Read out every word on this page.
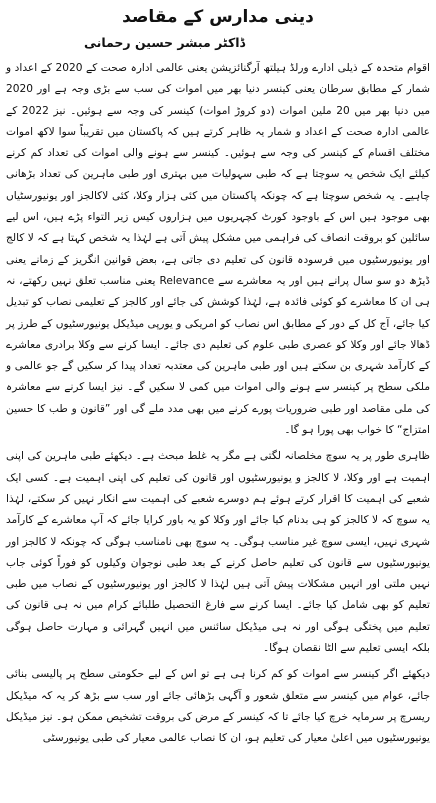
دینی مدارس کے مقاصد
ڈاکٹر مبشر حسین رحمانی

اقوام متحدہ کے ذیلی ادارے ورلڈ ہیلتھ آرگنائزیشن یعنی عالمی ادارہ صحت کے 2020 کے اعداد و شمار کے مطابق سرطان یعنی کینسر دنیا بھر میں اموات کی سب سے بڑی وجہ ہے اور 2020 میں دنیا بھر میں 20 ملین اموات (دو کروڑ اموات) کینسر کی وجہ سے ہوئیں۔ نیز 2022 کے عالمی ادارہ صحت کے اعداد و شمار یہ ظاہر کرتے ہیں کہ پاکستان میں تقریباً سوا لاکھ اموات مختلف اقسام کے کینسر کی وجہ سے ہوئیں۔ کینسر سے ہونے والی اموات کی تعداد کم کرنے کیلئے ایک شخص یہ سوچتا ہے کہ طبی سہولیات میں بہتری اور طبی ماہرین کی تعداد بڑھانی چاہیے۔ یہ شخص سوچتا ہے کہ چونکہ پاکستان میں کئی ہزار وکلا، کئی لاکالجز اور یونیورسٹیاں بھی موجود ہیں اس کے باوجود کورٹ کچہریوں میں ہزاروں کیس زیر التواء پڑے ہیں، اس لیے سائلین کو بروقت انصاف کی فراہمی میں مشکل پیش آتی ہے لہٰذا یہ شخص کہتا ہے کہ لا کالج اور یونیورسٹیوں میں فرسودہ قانون کی تعلیم دی جاتی ہے، بعض قوانین انگریز کے زمانے یعنی ڈیڑھ دو سو سال پرانے ہیں اور یہ معاشرے سے Relevance یعنی مناسب تعلق نہیں رکھتے، نہ ہی ان کا معاشرے کو کوئی فائدہ ہے، لہٰذا کوشش کی جائے اور کالجز کے تعلیمی نصاب کو تبدیل کیا جائے، آج کل کے دور کے مطابق اس نصاب کو امریکی و یورپی میڈیکل یونیورسٹیوں کے طرز پر ڈھالا جائے اور وکلا کو عصری طبی علوم کی تعلیم دی جائے۔ ایسا کرنے سے وکلا برادری معاشرے کے کارآمد شہری بن سکتے ہیں اور طبی ماہرین کی معتدبہ تعداد پیدا کر سکیں گے جو عالمی و ملکی سطح پر کینسر سے ہونے والی اموات میں کمی لا سکیں گے۔ نیز ایسا کرنے سے معاشرہ کی ملی مقاصد اور طبی ضروریات پورے کرنے میں بھی مدد ملے گی اور ”قانون و طب کا حسین امتزاج“ کا خواب بھی پورا ہو گا۔

ظاہری طور پر یہ سوچ مخلصانہ لگتی ہے مگر یہ غلط مبحث ہے۔ دیکھئے طبی ماہرین کی اپنی اہمیت ہے اور وکلا، لا کالجز و یونیورسٹیوں اور قانون کی تعلیم کی اپنی اہمیت ہے۔ کسی ایک شعبے کی اہمیت کا اقرار کرتے ہوئے ہم دوسرے شعبے کی اہمیت سے انکار نہیں کر سکتے، لہٰذا یہ سوچ کہ لا کالجز کو ہی بدنام کیا جائے اور وکلا کو یہ باور کرایا جائے کہ آپ معاشرے کے کارآمد شہری نہیں، ایسی سوچ غیر مناسب ہوگی۔ یہ سوچ بھی نامناسب ہوگی کہ چونکہ لا کالجز اور یونیورسٹیوں سے قانون کی تعلیم حاصل کرنے کے بعد طبی نوجوان وکیلوں کو فوراً کوئی جاب نہیں ملتی اور انہیں مشکلات پیش آتی ہیں لہٰذا لا کالجز اور یونیورسٹیوں کے نصاب میں طبی تعلیم کو بھی شامل کیا جائے۔ ایسا کرنے سے فارغ التحصیل طلبائے کرام میں نہ ہی قانون کی تعلیم میں پختگی ہوگی اور نہ ہی میڈیکل سائنس میں انہیں گہرائی و مہارت حاصل ہوگی بلکہ ایسی تعلیم سے الٹا نقصان ہوگا۔

دیکھئے اگر کینسر سے اموات کو کم کرنا ہی ہے تو اس کے لیے حکومتی سطح پر پالیسی بنائی جائے، عوام میں کینسر سے متعلق شعور و آگہی بڑھائی جائے اور سب سے بڑھ کر یہ کہ میڈیکل ریسرچ پر سرمایہ خرچ کیا جائے تا کہ کینسر کے مرض کی بروقت تشخیص ممکن ہو۔ نیز میڈیکل یونیورسٹیوں میں اعلیٰ معیار کی تعلیم ہو، ان کا نصاب عالمی معیار کی طبی یونیورسٹی
